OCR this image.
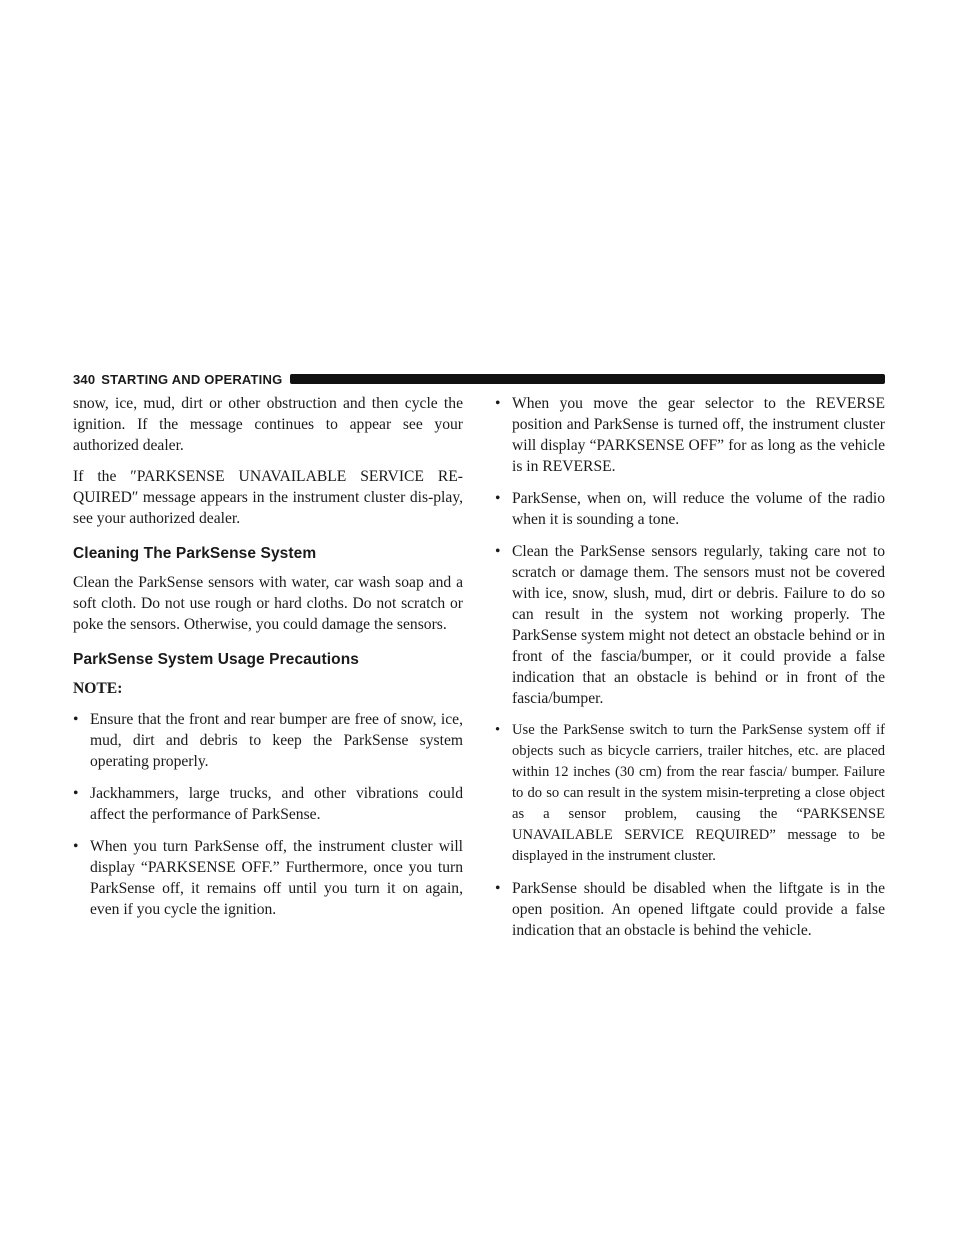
340 STARTING AND OPERATING

snow, ice, mud, dirt or other obstruction and then cycle the ignition. If the message continues to appear see your authorized dealer.

If the ″PARKSENSE UNAVAILABLE SERVICE RE-QUIRED″ message appears in the instrument cluster dis-play, see your authorized dealer.

Cleaning The ParkSense System

Clean the ParkSense sensors with water, car wash soap and a soft cloth. Do not use rough or hard cloths. Do not scratch or poke the sensors. Otherwise, you could damage the sensors.

ParkSense System Usage Precautions
NOTE:
• Ensure that the front and rear bumper are free of snow, ice, mud, dirt and debris to keep the ParkSense system operating properly.
• Jackhammers, large trucks, and other vibrations could affect the performance of ParkSense.
• When you turn ParkSense off, the instrument cluster will display “PARKSENSE OFF.” Furthermore, once you turn ParkSense off, it remains off until you turn it on again, even if you cycle the ignition.
• When you move the gear selector to the REVERSE position and ParkSense is turned off, the instrument cluster will display “PARKSENSE OFF” for as long as the vehicle is in REVERSE.
• ParkSense, when on, will reduce the volume of the radio when it is sounding a tone.
• Clean the ParkSense sensors regularly, taking care not to scratch or damage them. The sensors must not be covered with ice, snow, slush, mud, dirt or debris. Failure to do so can result in the system not working properly. The ParkSense system might not detect an obstacle behind or in front of the fascia/bumper, or it could provide a false indication that an obstacle is behind or in front of the fascia/bumper.
• Use the ParkSense switch to turn the ParkSense system off if objects such as bicycle carriers, trailer hitches, etc. are placed within 12 inches (30 cm) from the rear fascia/ bumper. Failure to do so can result in the system misin-terpreting a close object as a sensor problem, causing the “PARKSENSE UNAVAILABLE SERVICE REQUIRED” message to be displayed in the instrument cluster.
• ParkSense should be disabled when the liftgate is in the open position. An opened liftgate could provide a false indication that an obstacle is behind the vehicle.
